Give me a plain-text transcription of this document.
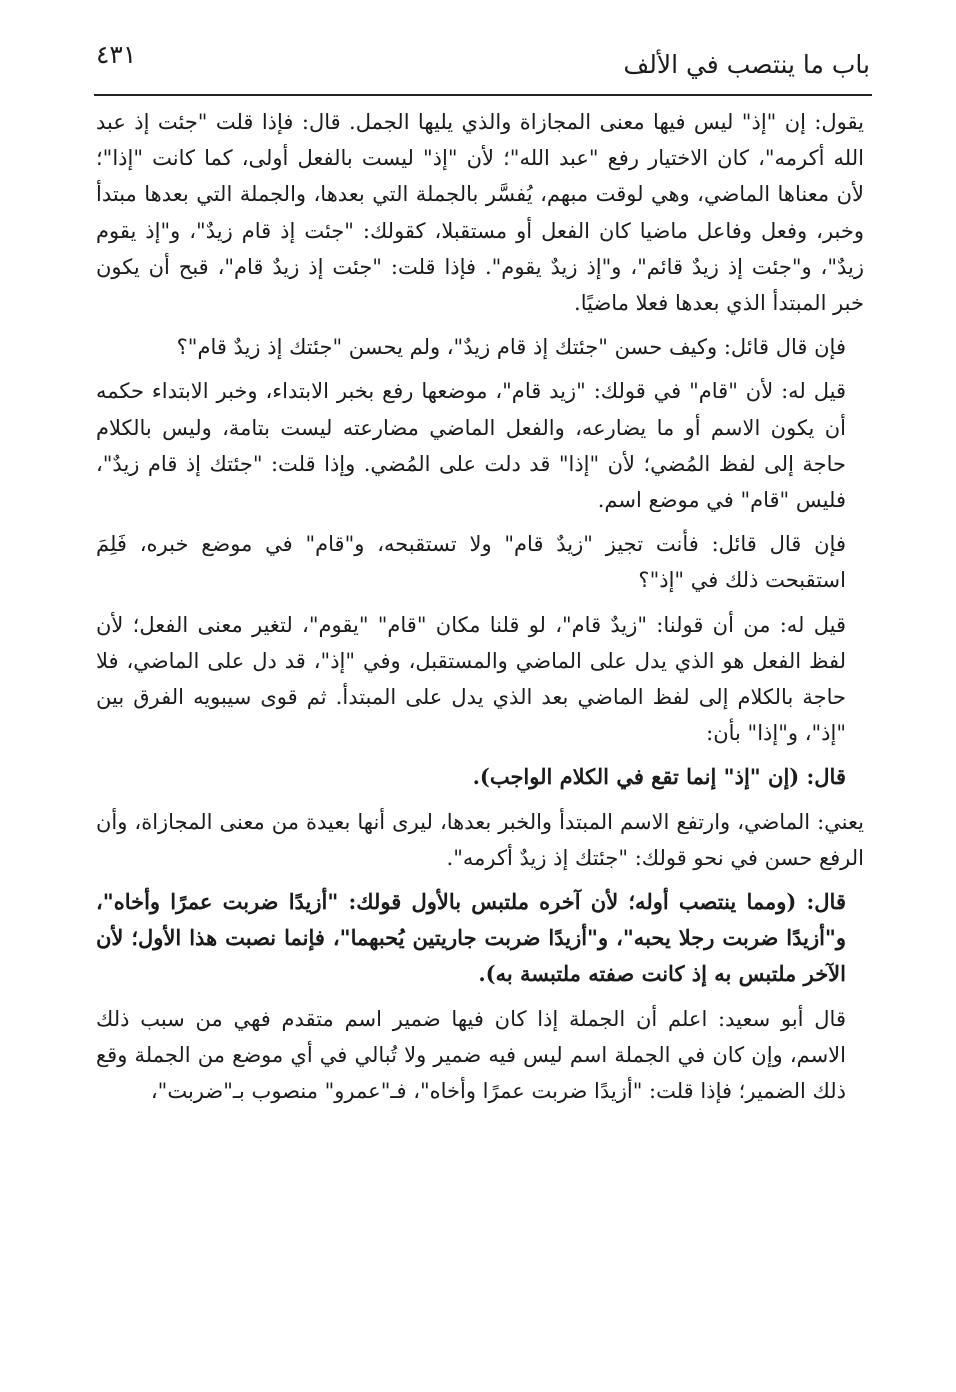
٤٣١	باب ما ينتصب في الألف

يقول: إن "إذ" ليس فيها معنى المجازاة والذي يليها الجمل. قال: فإذا قلت "جئت إذ عبد الله أكرمه"، كان الاختيار رفع "عبد الله"؛ لأن "إذ" ليست بالفعل أولى، كما كانت "إذا"؛ لأن معناها الماضي، وهي لوقت مبهم، يُفسَّر بالجملة التي بعدها، والجملة التي بعدها مبتدأ وخبر، وفعل وفاعل ماضيا كان الفعل أو مستقبلا، كقولك: "جئت إذ قام زيدٌ"، و"إذ يقوم زيدٌ"، و"جئت إذ زيدٌ قائم"، و"إذ زيدٌ يقوم". فإذا قلت: "جئت إذ زيدٌ قام"، قبح أن يكون خبر المبتدأ الذي بعدها فعلا ماضيًا.

فإن قال قائل: وكيف حسن "جئتك إذ قام زيدٌ"، ولم يحسن "جئتك إذ زيدٌ قام"؟

قيل له: لأن "قام" في قولك: "زيد قام"، موضعها رفع بخبر الابتداء، وخبر الابتداء حكمه أن يكون الاسم أو ما يضارعه، والفعل الماضي مضارعته ليست بتامة، وليس بالكلام حاجة إلى لفظ المُضي؛ لأن "إذا" قد دلت على المُضي. وإذا قلت: "جئتك إذ قام زيدٌ"، فليس "قام" في موضع اسم.

فإن قال قائل: فأنت تجيز "زيدٌ قام" ولا تستقبحه، و"قام" في موضع خبره، فَلِمَ استقبحت ذلك في "إذ"؟

قيل له: من أن قولنا: "زيدٌ قام"، لو قلنا مكان "قام" "يقوم"، لتغير معنى الفعل؛ لأن لفظ الفعل هو الذي يدل على الماضي والمستقبل، وفي "إذ"، قد دل على الماضي، فلا حاجة بالكلام إلى لفظ الماضي بعد الذي يدل على المبتدأ. ثم قوى سيبويه الفرق بين "إذ"، و"إذا" بأن:

قال: (إن "إذ" إنما تقع في الكلام الواجب).

يعني: الماضي، وارتفع الاسم المبتدأ والخبر بعدها، ليرى أنها بعيدة من معنى المجازاة، وأن الرفع حسن في نحو قولك: "جئتك إذ زيدٌ أكرمه".

قال: (ومما ينتصب أوله؛ لأن آخره ملتبس بالأول قولك: "أزيدًا ضربت عمرًا وأخاه"، و"أزيدًا ضربت رجلا يحبه"، و"أزيدًا ضربت جاريتين يُحبهما"، فإنما نصبت هذا الأول؛ لأن الآخر ملتبس به إذ كانت صفته ملتبسة به).

قال أبو سعيد: اعلم أن الجملة إذا كان فيها ضمير اسم متقدم فهي من سبب ذلك الاسم، وإن كان في الجملة اسم ليس فيه ضمير ولا تُبالي في أي موضع من الجملة وقع ذلك الضمير؛ فإذا قلت: "أزيدًا ضربت عمرًا وأخاه"، فـ"عمرو" منصوب بـ"ضربت"،
